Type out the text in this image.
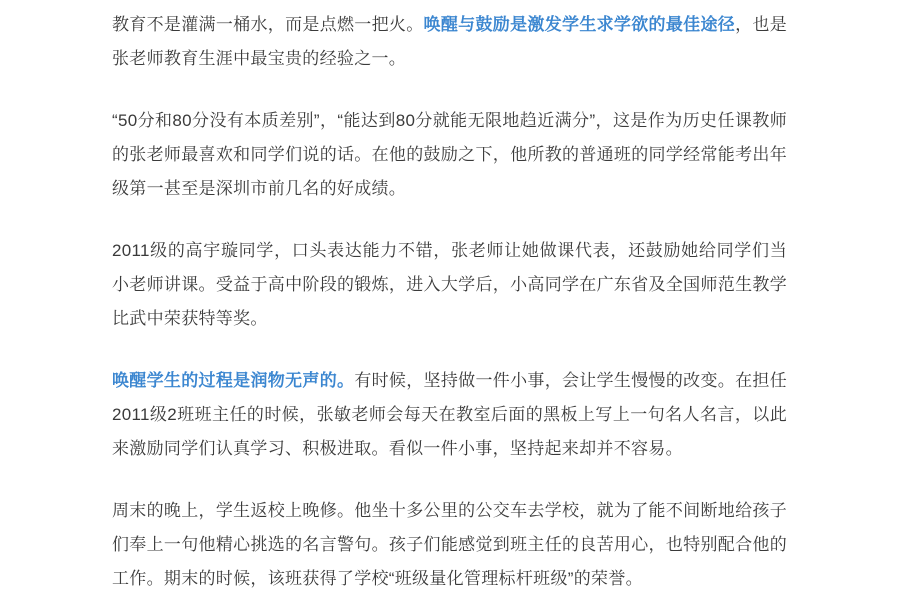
教育不是灌满一桶水，而是点燃一把火。唤醒与鼓励是激发学生求学欲的最佳途径，也是张老师教育生涯中最宝贵的经验之一。

“50分和80分没有本质差别”，“能达到80分就能无限地趋近满分”，这是作为历史任课教师的张老师最喜欢和同学们说的话。在他的鼓励之下，他所教的普通班的同学经常能考出年级第一甚至是深圳市前几名的好成绩。

2011级的高宇璇同学，口头表达能力不错，张老师让她做课代表，还鼓励她给同学们当小老师讲课。受益于高中阶段的锻炼，进入大学后，小高同学在广东省及全国师范生教学比武中荣获特等奖。

唤醒学生的过程是润物无声的。有时候，坚持做一件小事，会让学生慢慢的改变。在担任2011级2班班主任的时候，张敏老师会每天在教室后面的黑板上写上一句名人名言，以此来激励同学们认真学习、积极进取。看似一件小事，坚持起来却并不容易。

周末的晚上，学生返校上晚修。他坐十多公里的公交车去学校，就为了能不间断地给孩子们奉上一句他精心挑选的名言警句。孩子们能感觉到班主任的良苦用心，也特别配合他的工作。期末的时候，该班获得了学校“班级量化管理标杆班级”的荣誉。
